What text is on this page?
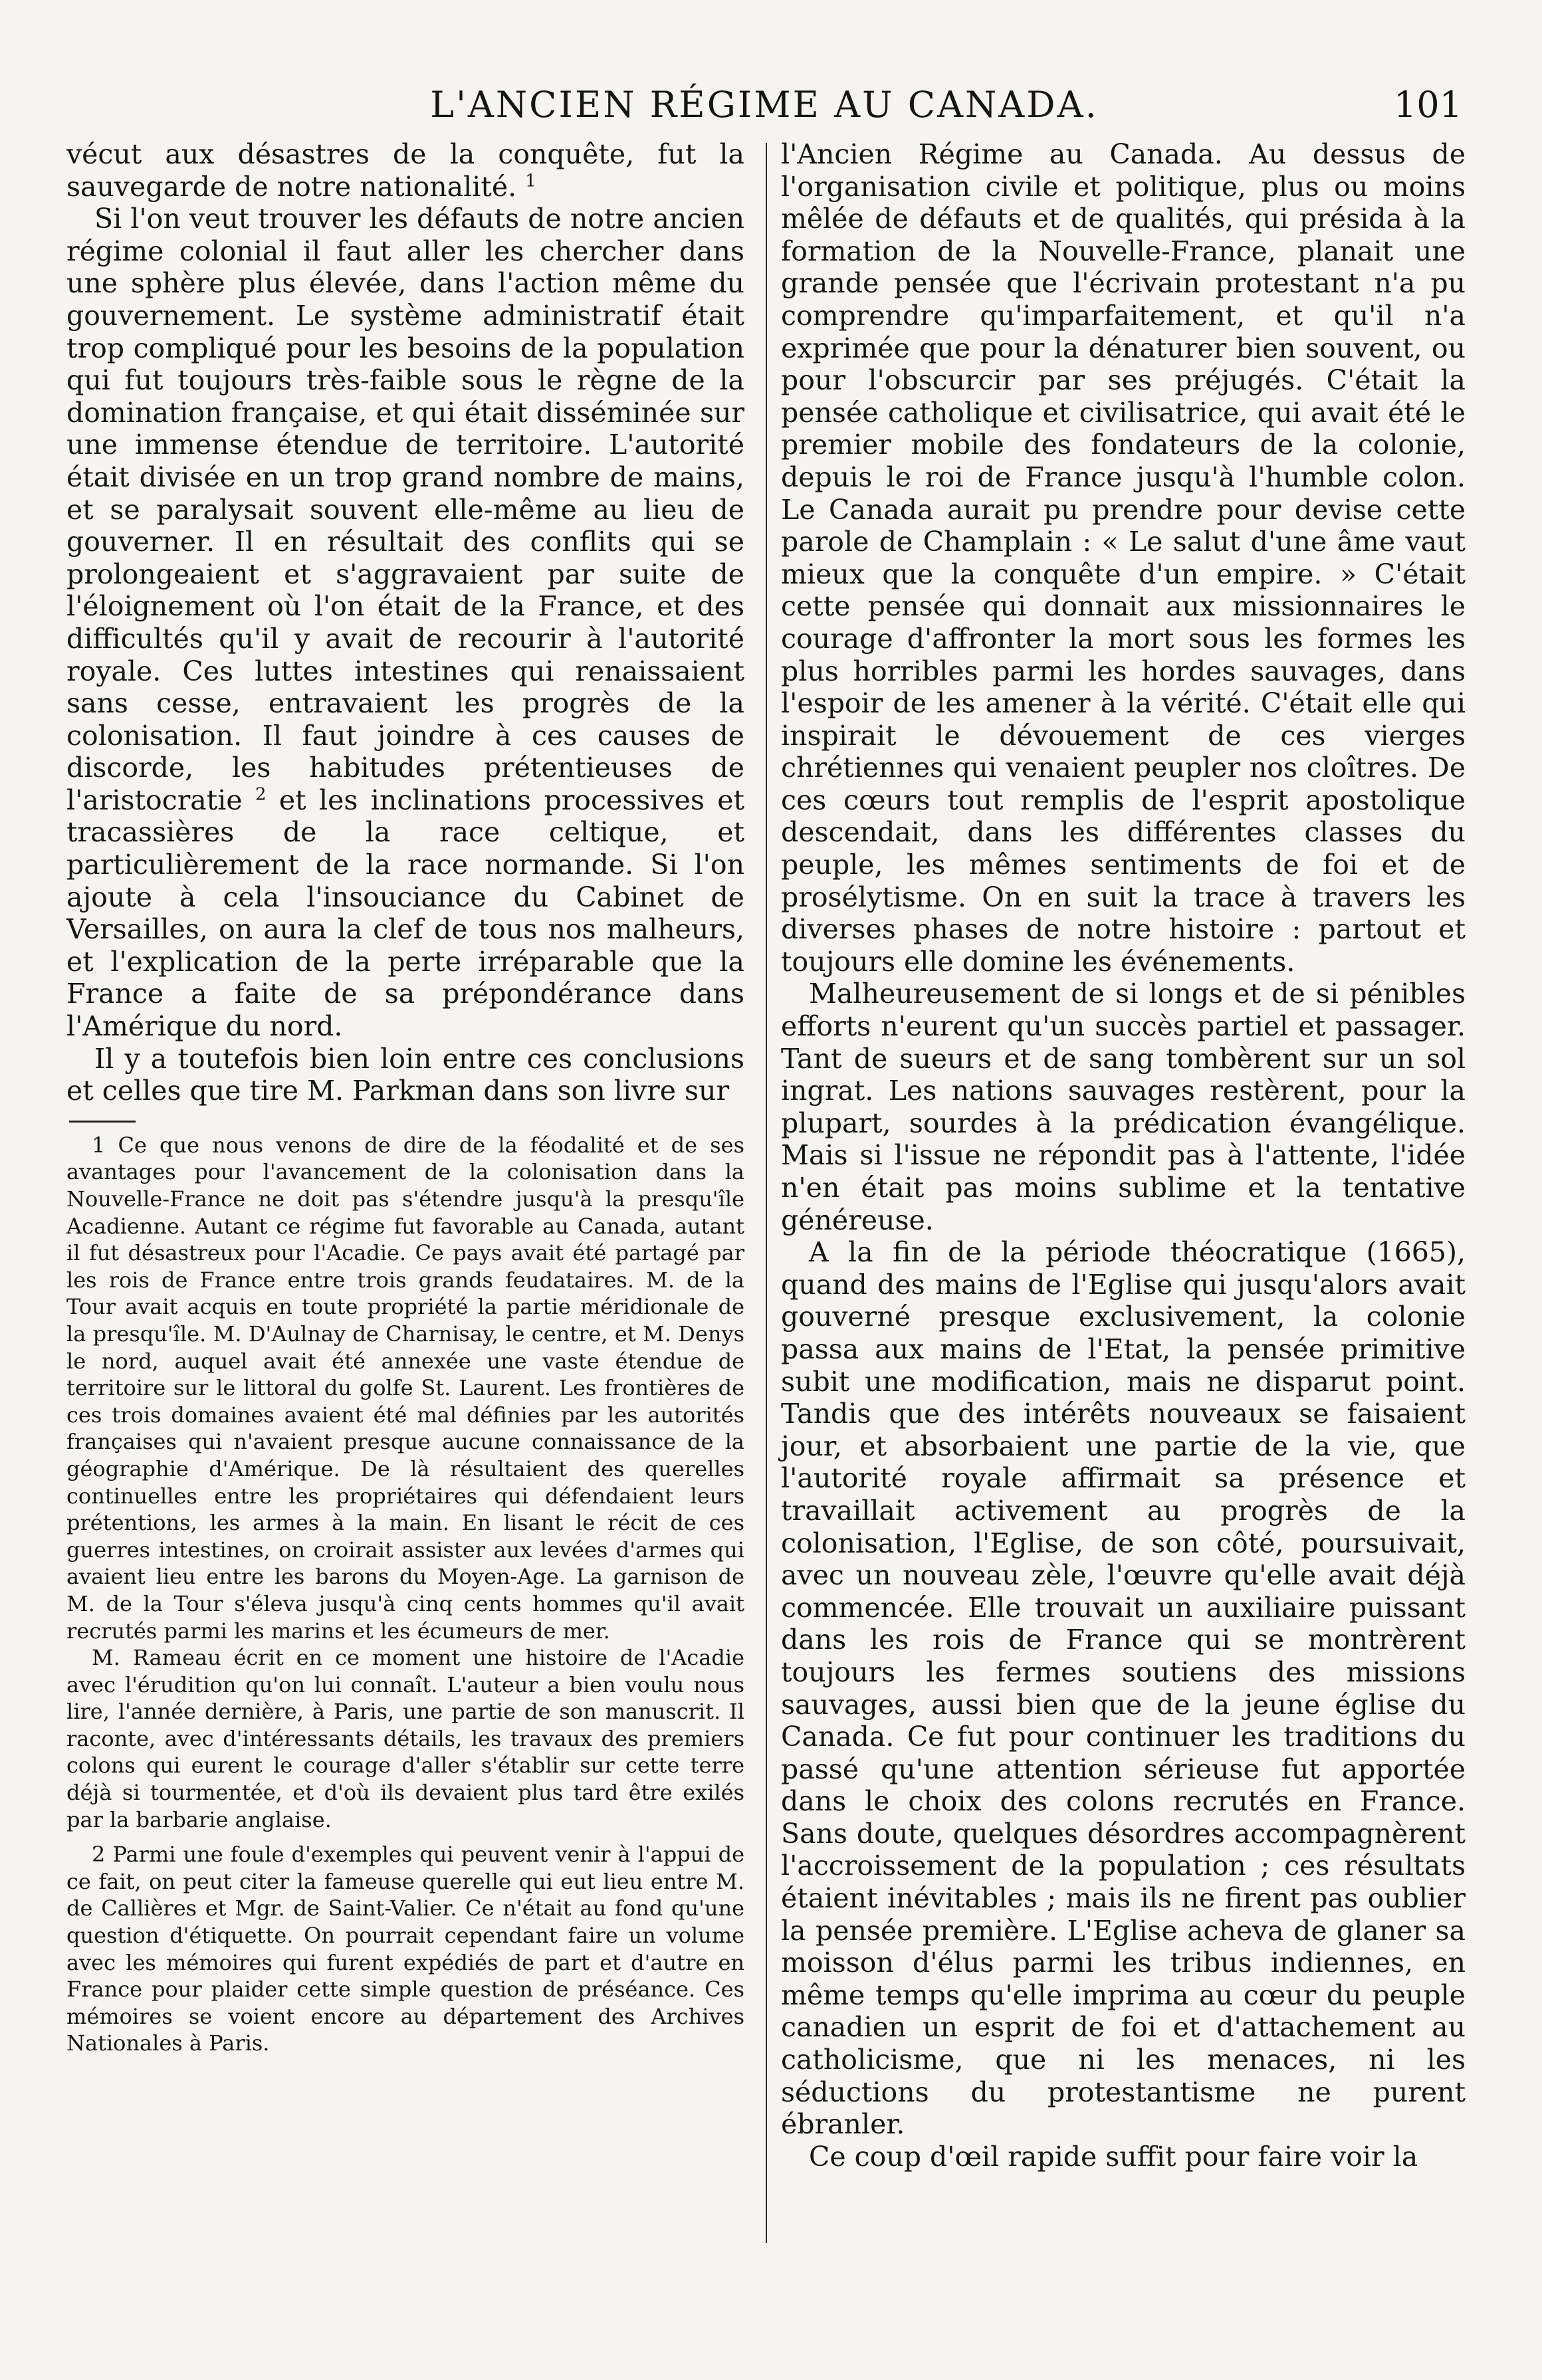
L'ANCIEN RÉGIME AU CANADA.	101

vécut aux désastres de la conquête, fut la sauvegarde de notre nationalité. $^1$

Si l'on veut trouver les défauts de notre ancien régime colonial il faut aller les chercher dans une sphère plus élevée, dans l'action même du gouvernement. Le système administratif était trop compliqué pour les besoins de la population qui fut toujours très-faible sous le règne de la domination française, et qui était disséminée sur une immense étendue de territoire. L'autorité était divisée en un trop grand nombre de mains, et se paralysait souvent elle-même au lieu de gouverner. Il en résultait des conflits qui se prolongeaient et s'aggravaient par suite de l'éloignement où l'on était de la France, et des difficultés qu'il y avait de recourir à l'autorité royale. Ces luttes intestines qui renaissaient sans cesse, entravaient les progrès de la colonisation. Il faut joindre à ces causes de discorde, les habitudes prétentieuses de l'aristocratie $^2$ et les inclinations processives et tracassières de la race celtique, et particulièrement de la race normande. Si l'on ajoute à cela l'insouciance du Cabinet de Versailles, on aura la clef de tous nos malheurs, et l'explication de la perte irréparable que la France a faite de sa prépondérance dans l'Amérique du nord.

Il y a toutefois bien loin entre ces conclusions et celles que tire M. Parkman dans son livre sur

1 Ce que nous venons de dire de la féodalité et de ses avantages pour l'avancement de la colonisation dans la Nouvelle-France ne doit pas s'étendre jusqu'à la presqu'île Acadienne. Autant ce régime fut favorable au Canada, autant il fut désastreux pour l'Acadie. Ce pays avait été partagé par les rois de France entre trois grands feudataires. M. de la Tour avait acquis en toute propriété la partie méridionale de la presqu'île. M. D'Aulnay de Charnisay, le centre, et M. Denys le nord, auquel avait été annexée une vaste étendue de territoire sur le littoral du golfe St. Laurent. Les frontières de ces trois domaines avaient été mal définies par les autorités françaises qui n'avaient presque aucune connaissance de la géographie d'Amérique. De là résultaient des querelles continuelles entre les propriétaires qui défendaient leurs prétentions, les armes à la main. En lisant le récit de ces guerres intestines, on croirait assister aux levées d'armes qui avaient lieu entre les barons du Moyen-Age. La garnison de M. de la Tour s'éleva jusqu'à cinq cents hommes qu'il avait recrutés parmi les marins et les écumeurs de mer.

M. Rameau écrit en ce moment une histoire de l'Acadie avec l'érudition qu'on lui connaît. L'auteur a bien voulu nous lire, l'année dernière, à Paris, une partie de son manuscrit. Il raconte, avec d'intéressants détails, les travaux des premiers colons qui eurent le courage d'aller s'établir sur cette terre déjà si tourmentée, et d'où ils devaient plus tard être exilés par la barbarie anglaise.

2 Parmi une foule d'exemples qui peuvent venir à l'appui de ce fait, on peut citer la fameuse querelle qui eut lieu entre M. de Callières et Mgr. de Saint-Valier. Ce n'était au fond qu'une question d'étiquette. On pourrait cependant faire un volume avec les mémoires qui furent expédiés de part et d'autre en France pour plaider cette simple question de préséance. Ces mémoires se voient encore au département des Archives Nationales à Paris.

l'Ancien Régime au Canada. Au dessus de l'organisation civile et politique, plus ou moins mêlée de défauts et de qualités, qui présida à la formation de la Nouvelle-France, planait une grande pensée que l'écrivain protestant n'a pu comprendre qu'imparfaitement, et qu'il n'a exprimée que pour la dénaturer bien souvent, ou pour l'obscurcir par ses préjugés. C'était la pensée catholique et civilisatrice, qui avait été le premier mobile des fondateurs de la colonie, depuis le roi de France jusqu'à l'humble colon. Le Canada aurait pu prendre pour devise cette parole de Champlain : « Le salut d'une âme vaut mieux que la conquête d'un empire. » C'était cette pensée qui donnait aux missionnaires le courage d'affronter la mort sous les formes les plus horribles parmi les hordes sauvages, dans l'espoir de les amener à la vérité. C'était elle qui inspirait le dévouement de ces vierges chrétiennes qui venaient peupler nos cloîtres. De ces cœurs tout remplis de l'esprit apostolique descendait, dans les différentes classes du peuple, les mêmes sentiments de foi et de prosélytisme. On en suit la trace à travers les diverses phases de notre histoire : partout et toujours elle domine les événements.

Malheureusement de si longs et de si pénibles efforts n'eurent qu'un succès partiel et passager. Tant de sueurs et de sang tombèrent sur un sol ingrat. Les nations sauvages restèrent, pour la plupart, sourdes à la prédication évangélique. Mais si l'issue ne répondit pas à l'attente, l'idée n'en était pas moins sublime et la tentative généreuse.

A la fin de la période théocratique (1665), quand des mains de l'Eglise qui jusqu'alors avait gouverné presque exclusivement, la colonie passa aux mains de l'Etat, la pensée primitive subit une modification, mais ne disparut point. Tandis que des intérêts nouveaux se faisaient jour, et absorbaient une partie de la vie, que l'autorité royale affirmait sa présence et travaillait activement au progrès de la colonisation, l'Eglise, de son côté, poursuivait, avec un nouveau zèle, l'œuvre qu'elle avait déjà commencée. Elle trouvait un auxiliaire puissant dans les rois de France qui se montrèrent toujours les fermes soutiens des missions sauvages, aussi bien que de la jeune église du Canada. Ce fut pour continuer les traditions du passé qu'une attention sérieuse fut apportée dans le choix des colons recrutés en France. Sans doute, quelques désordres accompagnèrent l'accroissement de la population ; ces résultats étaient inévitables ; mais ils ne firent pas oublier la pensée première. L'Eglise acheva de glaner sa moisson d'élus parmi les tribus indiennes, en même temps qu'elle imprima au cœur du peuple canadien un esprit de foi et d'attachement au catholicisme, que ni les menaces, ni les séductions du protestantisme ne purent ébranler.

Ce coup d'œil rapide suffit pour faire voir la
